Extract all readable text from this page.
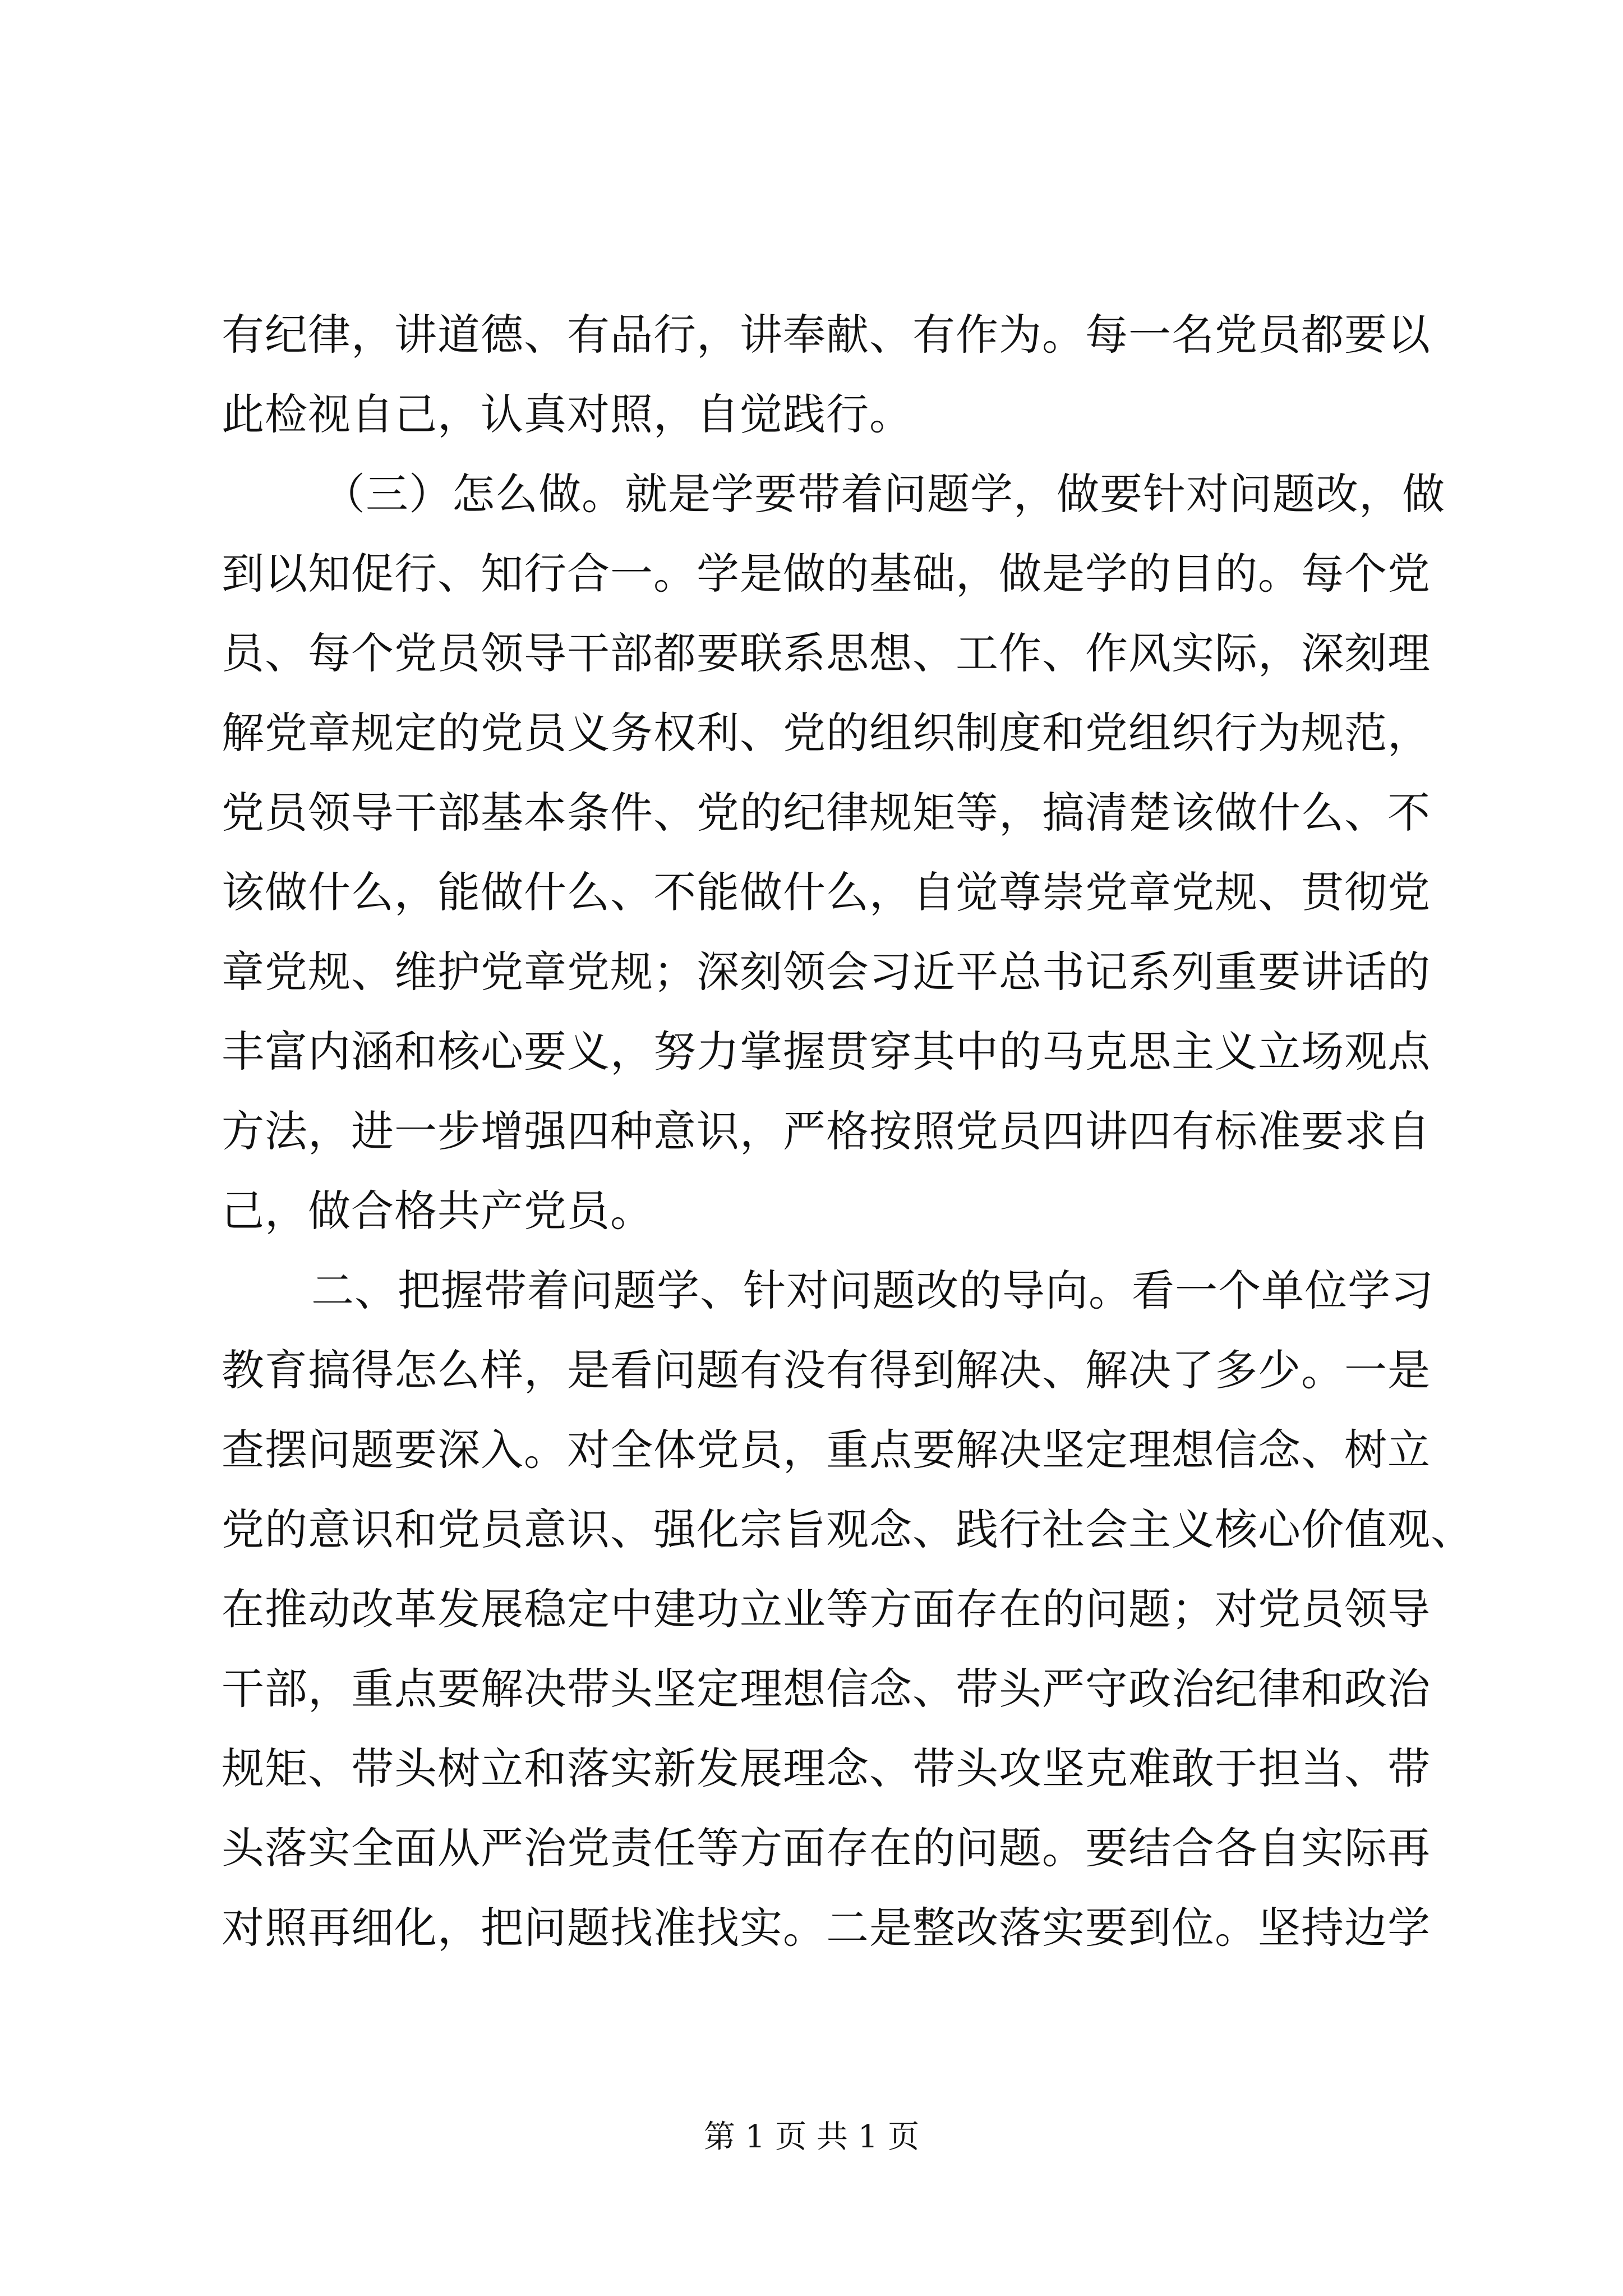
有纪律，讲道德、有品行，讲奉献、有作为。每一名党员都要以
此检视自己，认真对照，自觉践行。
（三）怎么做。就是学要带着问题学，做要针对问题改，做
到以知促行、知行合一。学是做的基础，做是学的目的。每个党
员、每个党员领导干部都要联系思想、工作、作风实际，深刻理
解党章规定的党员义务权利、党的组织制度和党组织行为规范，
党员领导干部基本条件、党的纪律规矩等，搞清楚该做什么、不
该做什么，能做什么、不能做什么，自觉尊崇党章党规、贯彻党
章党规、维护党章党规；深刻领会习近平总书记系列重要讲话的
丰富内涵和核心要义，努力掌握贯穿其中的马克思主义立场观点
方法，进一步增强四种意识，严格按照党员四讲四有标准要求自
己，做合格共产党员。
二、把握带着问题学、针对问题改的导向。看一个单位学习
教育搞得怎么样，是看问题有没有得到解决、解决了多少。一是
查摆问题要深入。对全体党员，重点要解决坚定理想信念、树立
党的意识和党员意识、强化宗旨观念、践行社会主义核心价值观、
在推动改革发展稳定中建功立业等方面存在的问题；对党员领导
干部，重点要解决带头坚定理想信念、带头严守政治纪律和政治
规矩、带头树立和落实新发展理念、带头攻坚克难敢于担当、带
头落实全面从严治党责任等方面存在的问题。要结合各自实际再
对照再细化，把问题找准找实。二是整改落实要到位。坚持边学
第 1 页 共 1 页
